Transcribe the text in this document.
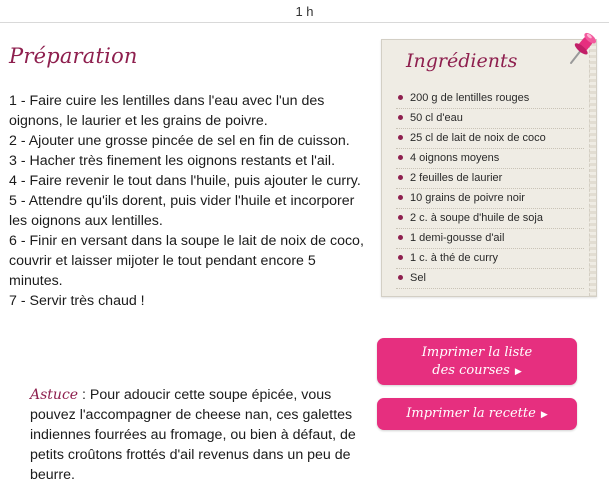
1 h
Préparation

1 - Faire cuire les lentilles dans l'eau avec l'un des oignons, le laurier et les grains de poivre.

2 - Ajouter une grosse pincée de sel en fin de cuisson.

3 - Hacher très finement les oignons restants et l'ail.

4 - Faire revenir le tout dans l'huile, puis ajouter le curry.

5 - Attendre qu'ils dorent, puis vider l'huile et incorporer les oignons aux lentilles.

6 - Finir en versant dans la soupe le lait de noix de coco, couvrir et laisser mijoter le tout pendant encore 5 minutes.

7 - Servir très chaud !

Astuce : Pour adoucir cette soupe épicée, vous pouvez l'accompagner de cheese nan, ces galettes indiennes fourrées au fromage, ou bien à défaut, de petits croûtons frottés d'ail revenus dans un peu de beurre.
Ingrédients
200 g de lentilles rouges
50 cl d'eau
25 cl de lait de noix de coco
4 oignons moyens
2 feuilles de laurier
10 grains de poivre noir
2 c. à soupe d'huile de soja
1 demi-gousse d'ail
1 c. à thé de curry
Sel
Imprimer la liste
des courses ▶
Imprimer la recette ▶
